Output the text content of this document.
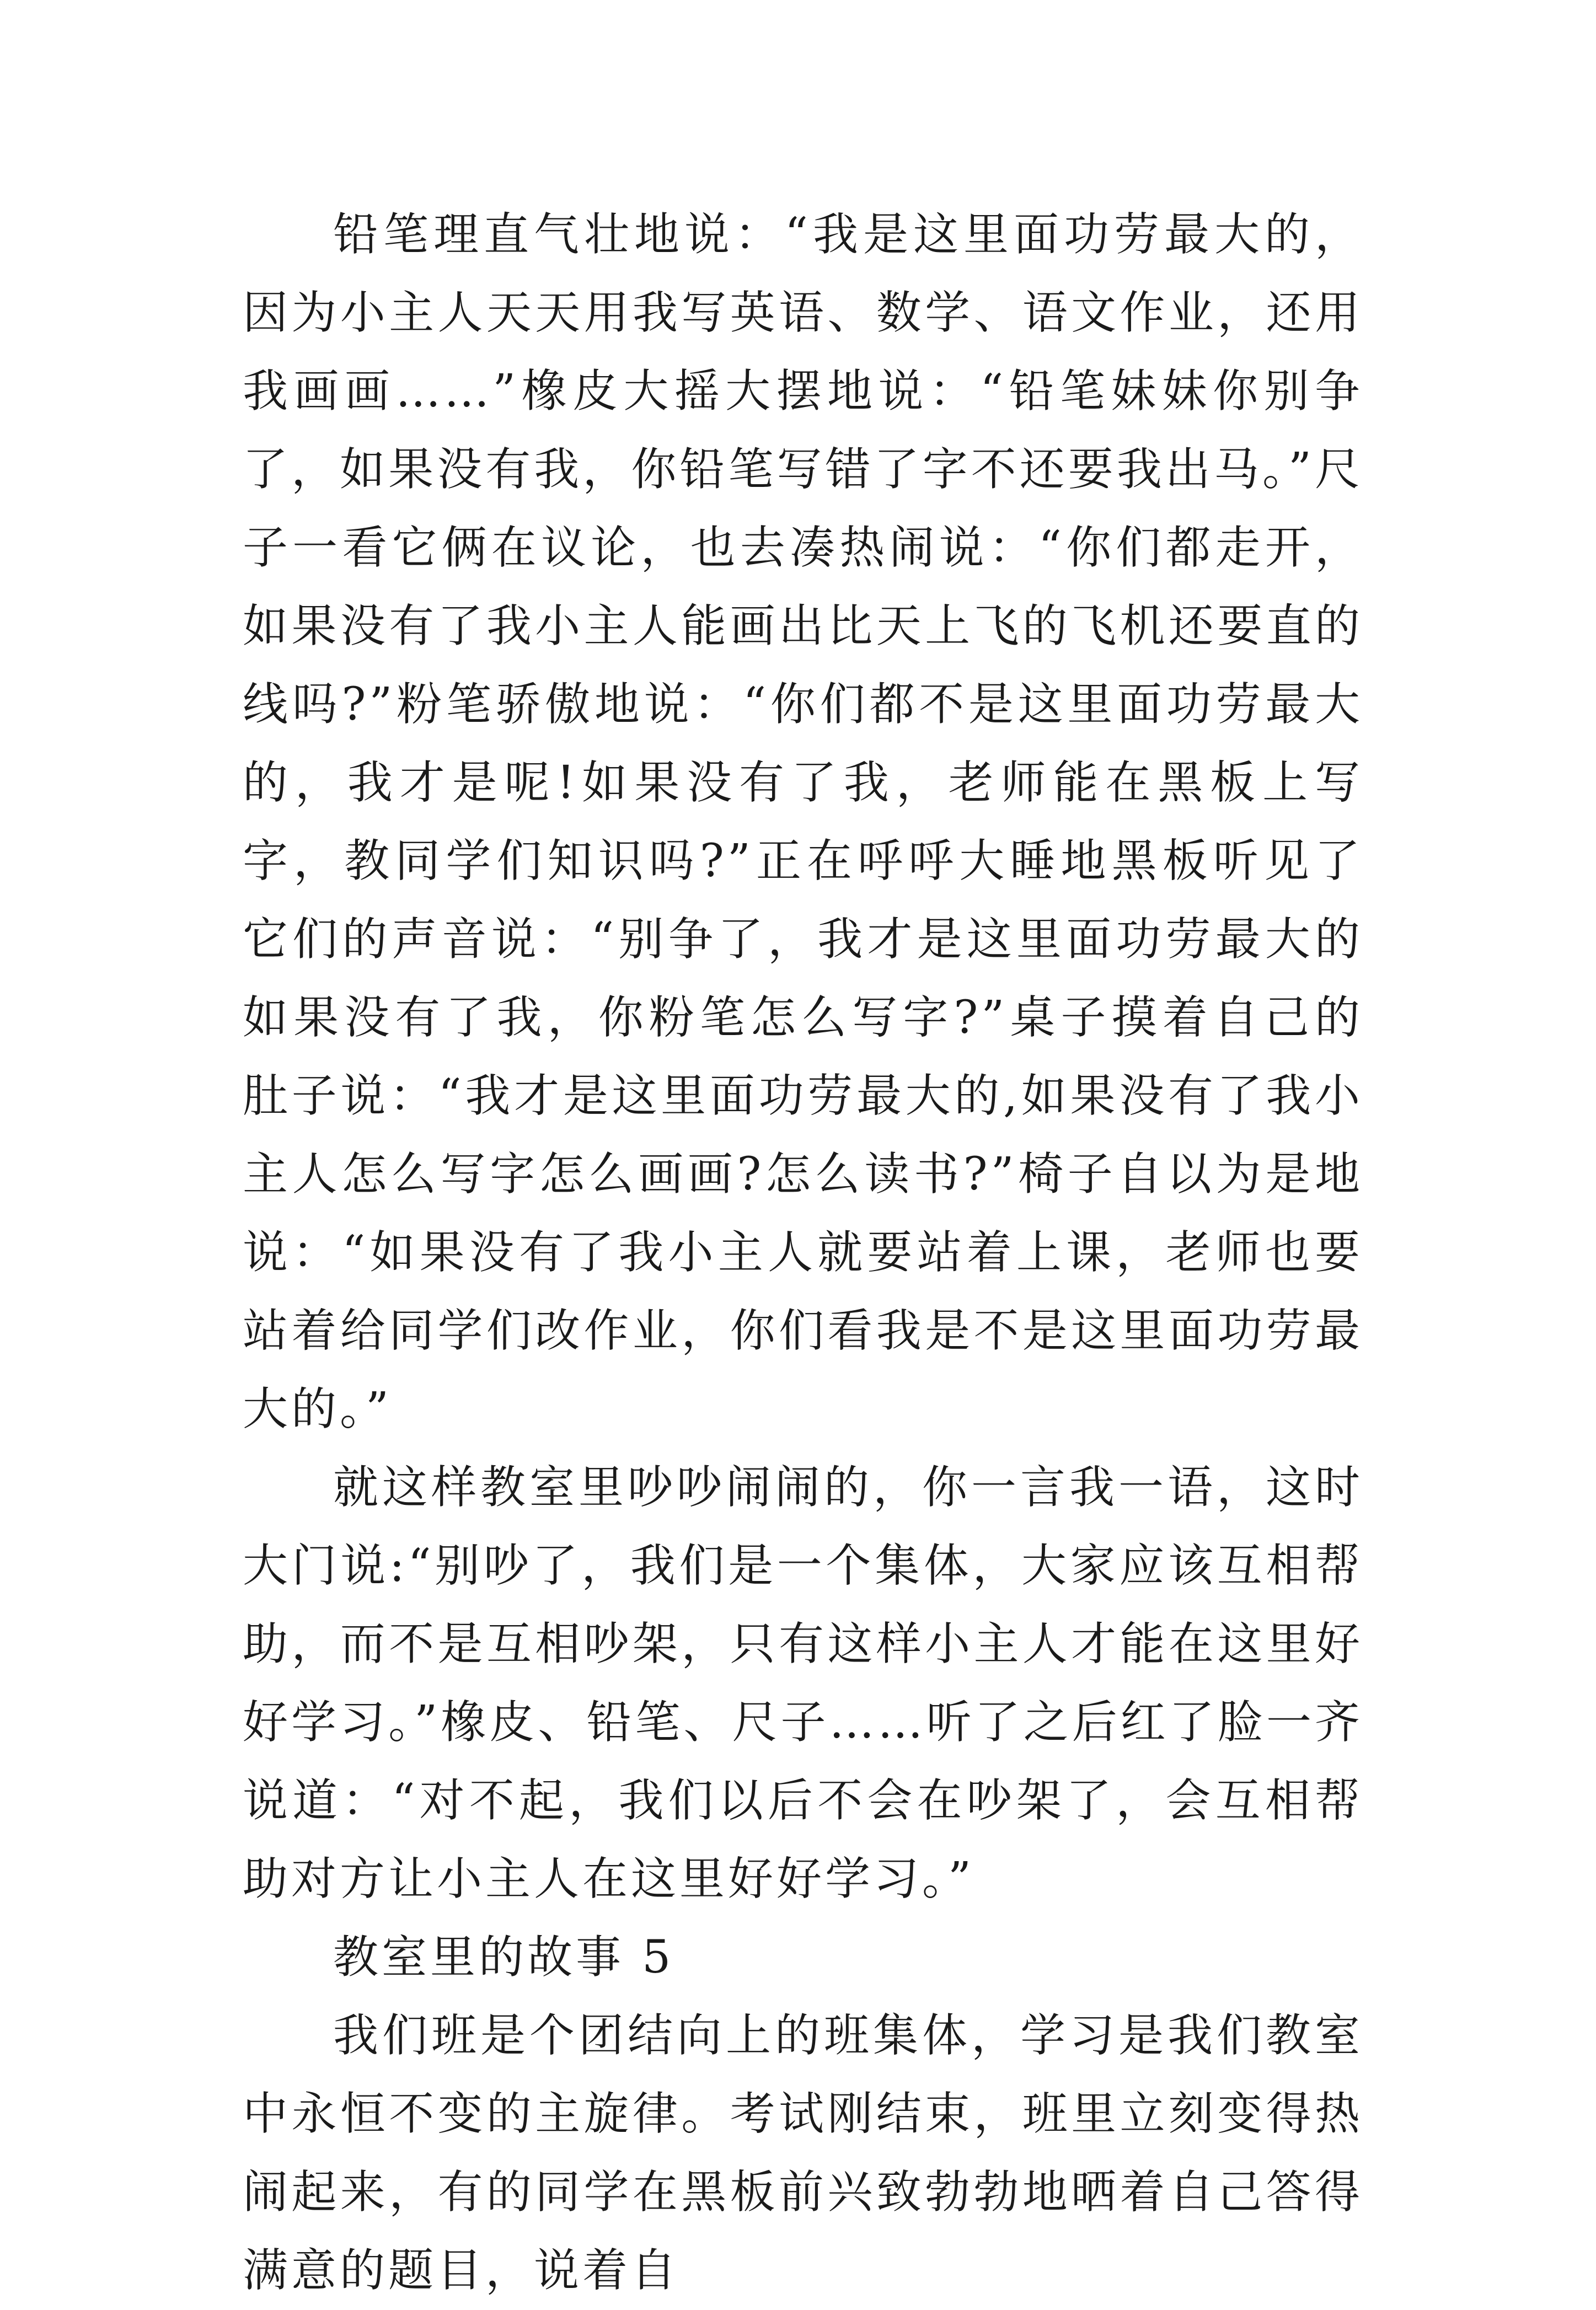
铅笔理直气壮地说：“我是这里面功劳最大的，因为小主人天天用我写英语、数学、语文作业，还用我画画……”橡皮大摇大摆地说：“铅笔妹妹你别争了，如果没有我，你铅笔写错了字不还要我出马。”尺子一看它俩在议论，也去凑热闹说：“你们都走开，如果没有了我小主人能画出比天上飞的飞机还要直的线吗?”粉笔骄傲地说：“你们都不是这里面功劳最大的，我才是呢!如果没有了我，老师能在黑板上写字，教同学们知识吗?”正在呼呼大睡地黑板听见了它们的声音说：“别争了，我才是这里面功劳最大的如果没有了我，你粉笔怎么写字?”桌子摸着自己的肚子说：“我才是这里面功劳最大的,如果没有了我小主人怎么写字怎么画画?怎么读书?”椅子自以为是地说：“如果没有了我小主人就要站着上课，老师也要站着给同学们改作业，你们看我是不是这里面功劳最大的。”

就这样教室里吵吵闹闹的，你一言我一语，这时大门说:“别吵了，我们是一个集体，大家应该互相帮助，而不是互相吵架，只有这样小主人才能在这里好好学习。”橡皮、铅笔、尺子……听了之后红了脸一齐说道：“对不起，我们以后不会在吵架了，会互相帮助对方让小主人在这里好好学习。”

教室里的故事 5

我们班是个团结向上的班集体，学习是我们教室中永恒不变的主旋律。考试刚结束，班里立刻变得热闹起来，有的同学在黑板前兴致勃勃地晒着自己答得满意的题目，说着自
